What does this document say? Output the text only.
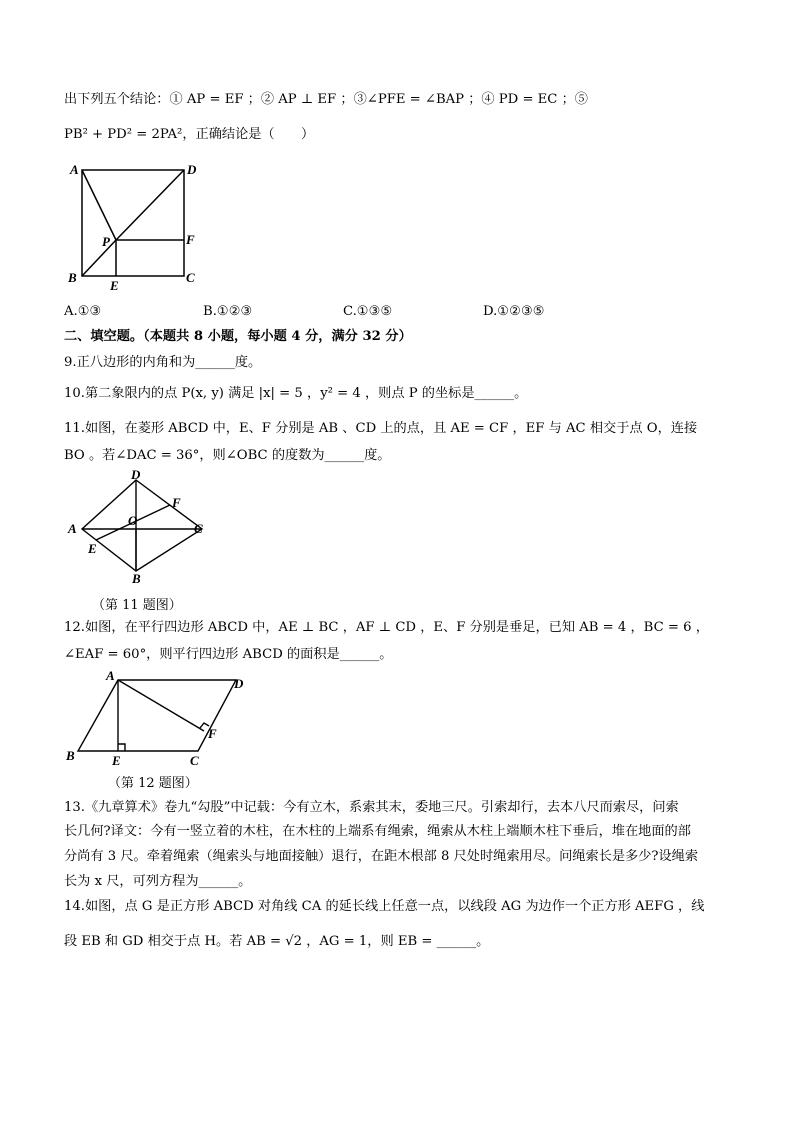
出下列五个结论：① AP = EF ；② AP ⊥ EF ；③∠PFE = ∠BAP ；④ PD = EC ；⑤
PB² + PD² = 2PA²，正确结论是（　　）
A	D
P	F
B
E
C
A.①③	B.①②③	C.①③⑤	D.①②③⑤
二、填空题。（本题共 8 小题，每小题 4 分，满分 32 分）
9.正八边形的内角和为______度。
10.第二象限内的点 P(x, y) 满足 |x| = 5 ，y² = 4 ，则点 P 的坐标是______。
11.如图，在菱形 ABCD 中，E、F 分别是 AB 、CD 上的点，且 AE = CF ，EF 与 AC 相交于点 O，连接
BO 。若∠DAC = 36°，则∠OBC 的度数为______度。
D
F
A
O
C
E
B
（第 11 题图）
12.如图，在平行四边形 ABCD 中，AE ⊥ BC ，AF ⊥ CD ，E、F 分别是垂足，已知 AB = 4 ，BC = 6 ，
∠EAF = 60°，则平行四边形 ABCD 的面积是______。
A
D
F
B	E	C
（第 12 题图）
13.《九章算术》卷九“勾股”中记载：今有立木，系索其末，委地三尺。引索却行，去本八尺而索尽，问索
长几何?译文：今有一竖立着的木柱，在木柱的上端系有绳索，绳索从木柱上端顺木柱下垂后，堆在地面的部
分尚有 3 尺。牵着绳索（绳索头与地面接触）退行，在距木根部 8 尺处时绳索用尽。问绳索长是多少?设绳索
长为 x 尺，可列方程为______。
14.如图，点 G 是正方形 ABCD 对角线 CA 的延长线上任意一点，以线段 AG 为边作一个正方形 AEFG ，线
段 EB 和 GD 相交于点 H。若 AB = √2 ，AG = 1，则 EB = ______。
